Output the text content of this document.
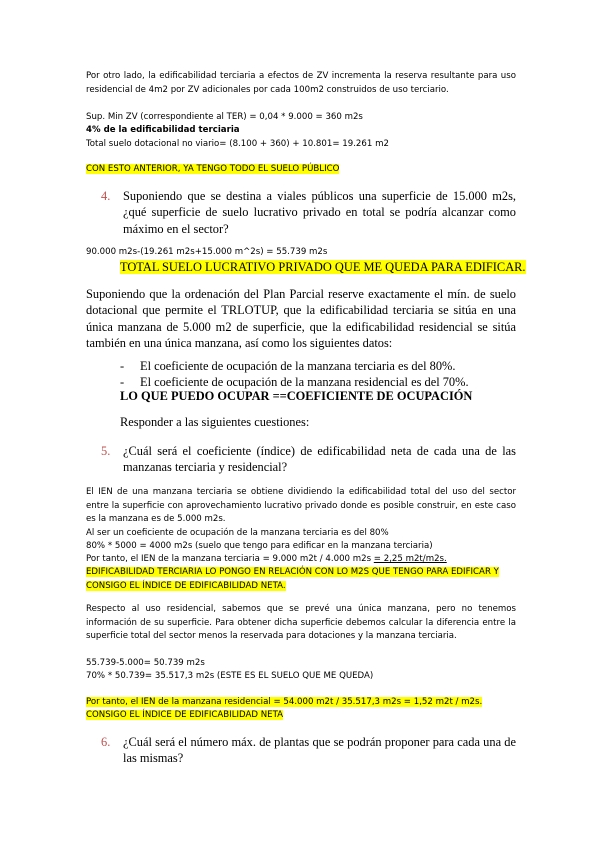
Por otro lado, la edificabilidad terciaria a efectos de ZV incrementa la reserva resultante para uso residencial de 4m2 por ZV adicionales por cada 100m2 construidos de uso terciario.

Sup. Min ZV (correspondiente al TER) = 0,04 * 9.000 = 360 m2s

4% de la edificabilidad terciaria

Total suelo dotacional no viario= (8.100 + 360) + 10.801= 19.261 m2

CON ESTO ANTERIOR, YA TENGO TODO EL SUELO PÚBLICO

4. Suponiendo que se destina a viales públicos una superficie de 15.000 m2s, ¿qué superficie de suelo lucrativo privado en total se podría alcanzar como máximo en el sector?

90.000 m2s-(19.261 m2s+15.000 m^2s) = 55.739 m2s

TOTAL SUELO LUCRATIVO PRIVADO QUE ME QUEDA PARA EDIFICAR.

Suponiendo que la ordenación del Plan Parcial reserve exactamente el mín. de suelo dotacional que permite el TRLOTUP, que la edificabilidad terciaria se sitúa en una única manzana de 5.000 m2 de superficie, que la edificabilidad residencial se sitúa también en una única manzana, así como los siguientes datos:

- El coeficiente de ocupación de la manzana terciaria es del 80%.
- El coeficiente de ocupación de la manzana residencial es del 70%.

LO QUE PUEDO OCUPAR ==COEFICIENTE DE OCUPACIÓN

Responder a las siguientes cuestiones:

5. ¿Cuál será el coeficiente (índice) de edificabilidad neta de cada una de las manzanas terciaria y residencial?

El IEN de una manzana terciaria se obtiene dividiendo la edificabilidad total del uso del sector entre la superficie con aprovechamiento lucrativo privado donde es posible construir, en este caso es la manzana es de 5.000 m2s.

Al ser un coeficiente de ocupación de la manzana terciaria es del 80%

80% * 5000 = 4000 m2s (suelo que tengo para edificar en la manzana terciaria)

Por tanto, el IEN de la manzana terciaria = 9.000 m2t / 4.000 m2s = 2,25 m2t/m2s.

EDIFICABILIDAD TERCIARIA LO PONGO EN RELACIÓN CON LO M2S QUE TENGO PARA EDIFICAR Y CONSIGO EL ÍNDICE DE EDIFICABILIDAD NETA.

Respecto al uso residencial, sabemos que se prevé una única manzana, pero no tenemos información de su superficie. Para obtener dicha superficie debemos calcular la diferencia entre la superficie total del sector menos la reservada para dotaciones y la manzana terciaria.

55.739-5.000= 50.739 m2s

70% * 50.739= 35.517,3 m2s (ESTE ES EL SUELO QUE ME QUEDA)

Por tanto, el IEN de la manzana residencial = 54.000 m2t / 35.517,3 m2s = 1,52 m2t / m2s.

CONSIGO EL ÍNDICE DE EDIFICABILIDAD NETA

6. ¿Cuál será el número máx. de plantas que se podrán proponer para cada una de las mismas?
